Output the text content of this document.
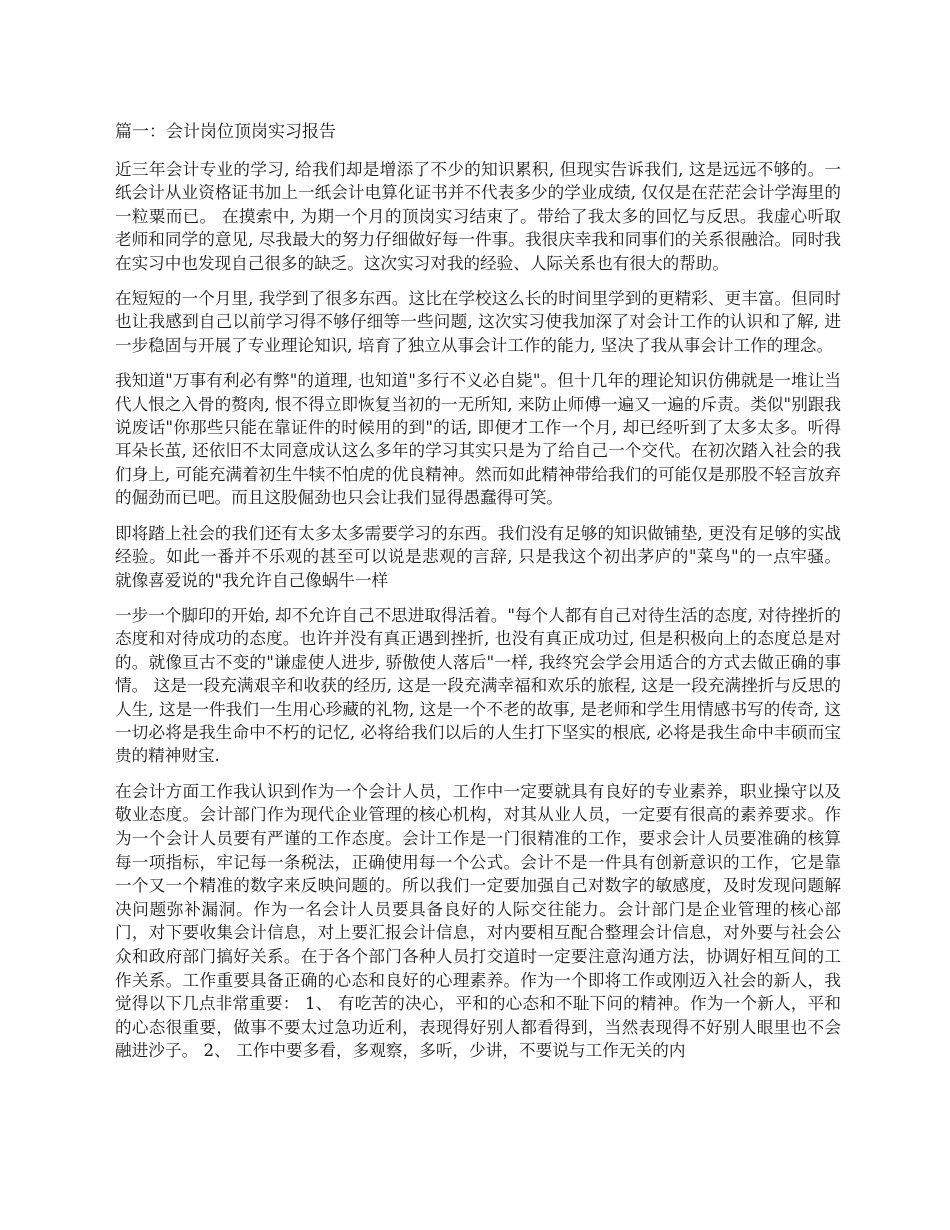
篇一：会计岗位顶岗实习报告

近三年会计专业的学习, 给我们却是增添了不少的知识累积, 但现实告诉我们, 这是远远不够的。一纸会计从业资格证书加上一纸会计电算化证书并不代表多少的学业成绩, 仅仅是在茫茫会计学海里的一粒粟而已。 在摸索中, 为期一个月的顶岗实习结束了。带给了我太多的回忆与反思。我虚心听取老师和同学的意见, 尽我最大的努力仔细做好每一件事。我很庆幸我和同事们的关系很融洽。同时我在实习中也发现自己很多的缺乏。这次实习对我的经验、人际关系也有很大的帮助。

在短短的一个月里, 我学到了很多东西。这比在学校这么长的时间里学到的更精彩、更丰富。但同时也让我感到自己以前学习得不够仔细等一些问题, 这次实习使我加深了对会计工作的认识和了解, 进一步稳固与开展了专业理论知识, 培育了独立从事会计工作的能力, 坚决了我从事会计工作的理念。

我知道"万事有利必有弊"的道理, 也知道"多行不义必自毙"。但十几年的理论知识仿佛就是一堆让当代人恨之入骨的赘肉, 恨不得立即恢复当初的一无所知, 来防止师傅一遍又一遍的斥责。类似"别跟我说废话"你那些只能在靠证件的时候用的到"的话, 即便才工作一个月, 却已经听到了太多太多。听得耳朵长茧, 还依旧不太同意成认这么多年的学习其实只是为了给自己一个交代。在初次踏入社会的我们身上, 可能充满着初生牛犊不怕虎的优良精神。然而如此精神带给我们的可能仅是那股不轻言放弃的倔劲而已吧。而且这股倔劲也只会让我们显得愚蠢得可笑。

即将踏上社会的我们还有太多太多需要学习的东西。我们没有足够的知识做铺垫, 更没有足够的实战经验。如此一番并不乐观的甚至可以说是悲观的言辞, 只是我这个初出茅庐的"菜鸟"的一点牢骚。 就像喜爱说的"我允许自己像蜗牛一样

一步一个脚印的开始, 却不允许自己不思进取得活着。"每个人都有自己对待生活的态度, 对待挫折的态度和对待成功的态度。也许并没有真正遇到挫折, 也没有真正成功过, 但是积极向上的态度总是对的。就像亘古不变的"谦虚使人进步, 骄傲使人落后"一样, 我终究会学会用适合的方式去做正确的事情。 这是一段充满艰辛和收获的经历, 这是一段充满幸福和欢乐的旅程, 这是一段充满挫折与反思的人生, 这是一件我们一生用心珍藏的礼物, 这是一个不老的故事, 是老师和学生用情感书写的传奇, 这一切必将是我生命中不朽的记忆, 必将给我们以后的人生打下坚实的根底, 必将是我生命中丰硕而宝贵的精神财宝.

在会计方面工作我认识到作为一个会计人员，工作中一定要就具有良好的专业素养，职业操守以及敬业态度。会计部门作为现代企业管理的核心机构，对其从业人员，一定要有很高的素养要求。作为一个会计人员要有严谨的工作态度。会计工作是一门很精准的工作，要求会计人员要准确的核算每一项指标，牢记每一条税法，正确使用每一个公式。会计不是一件具有创新意识的工作，它是靠一个又一个精准的数字来反映问题的。所以我们一定要加强自己对数字的敏感度，及时发现问题解决问题弥补漏洞。作为一名会计人员要具备良好的人际交往能力。会计部门是企业管理的核心部门，对下要收集会计信息，对上要汇报会计信息，对内要相互配合整理会计信息，对外要与社会公众和政府部门搞好关系。在于各个部门各种人员打交道时一定要注意沟通方法，协调好相互间的工作关系。工作重要具备正确的心态和良好的心理素养。作为一个即将工作或刚迈入社会的新人，我觉得以下几点非常重要： 1、 有吃苦的决心，平和的心态和不耻下问的精神。作为一个新人，平和的心态很重要，做事不要太过急功近利，表现得好别人都看得到，当然表现得不好别人眼里也不会融进沙子。 2、 工作中要多看，多观察，多听，少讲，不要说与工作无关的内
